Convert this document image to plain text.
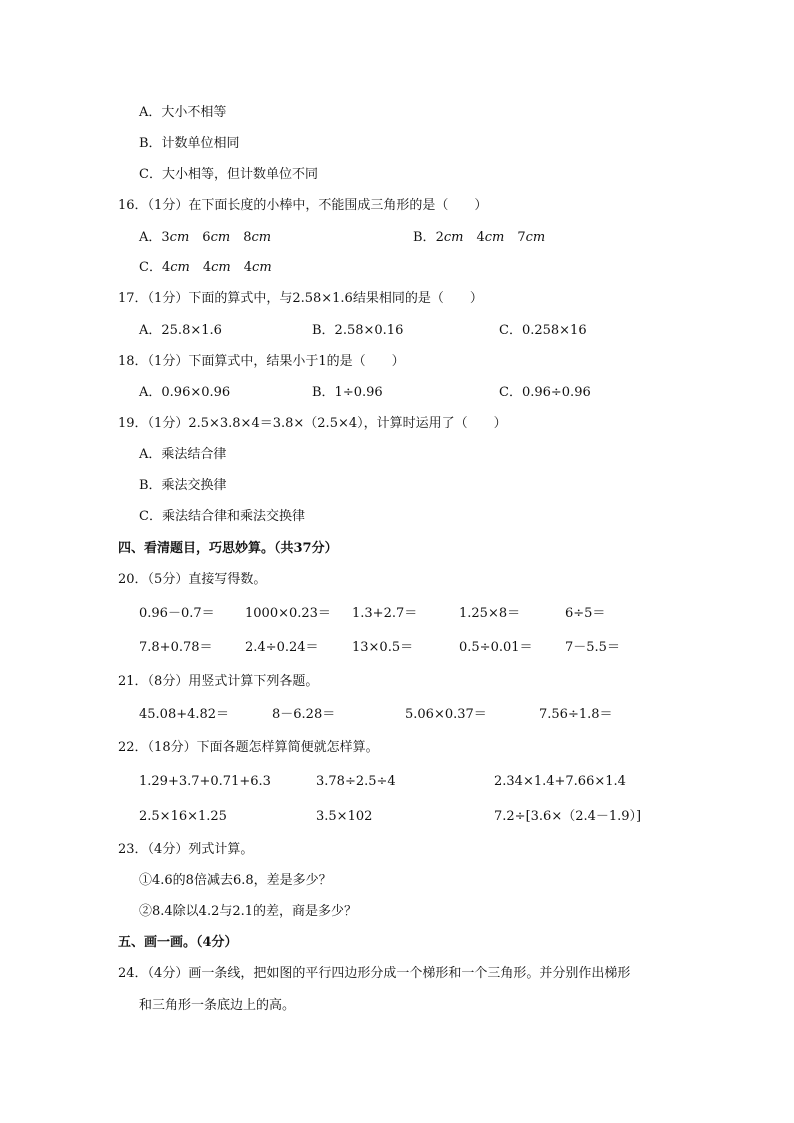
A．大小不相等
B．计数单位相同
C．大小相等，但计数单位不同
16．（1分）在下面长度的小棒中，不能围成三角形的是（　　）
A．3cm　 6cm　 8cm	B．2cm　 4cm　 7cm
C．4cm　 4cm　 4cm
17．（1分）下面的算式中，与2.58×1.6结果相同的是（　　）
A．25.8×1.6	B．2.58×0.16	C．0.258×16
18．（1分）下面算式中，结果小于1的是（　　）
A．0.96×0.96	B．1÷0.96	C．0.96÷0.96
19．（1分）2.5×3.8×4＝3.8×（2.5×4），计算时运用了（　　）
A．乘法结合律
B．乘法交换律
C．乘法结合律和乘法交换律
四、看清题目，巧思妙算。（共37分）
20．（5分）直接写得数。
0.96－0.7＝ 1000×0.23＝ 1.3+2.7＝	1.25×8＝	6÷5＝
7.8+0.78＝ 2.4÷0.24＝	13×0.5＝	0.5÷0.01＝ 7－5.5＝
21．（8分）用竖式计算下列各题。
45.08+4.82＝	8－6.28＝	5.06×0.37＝	7.56÷1.8＝
22．（18分）下面各题怎样算简便就怎样算。
1.29+3.7+0.71+6.3	3.78÷2.5÷4	2.34×1.4+7.66×1.4
2.5×16×1.25	3.5×102	7.2÷[3.6×（2.4－1.9）]
23．（4分）列式计算。
①4.6的8倍减去6.8，差是多少？
②8.4除以4.2与2.1的差，商是多少？
五、画一画。（4分）
24．（4分）画一条线，把如图的平行四边形分成一个梯形和一个三角形。并分别作出梯形
和三角形一条底边上的高。
